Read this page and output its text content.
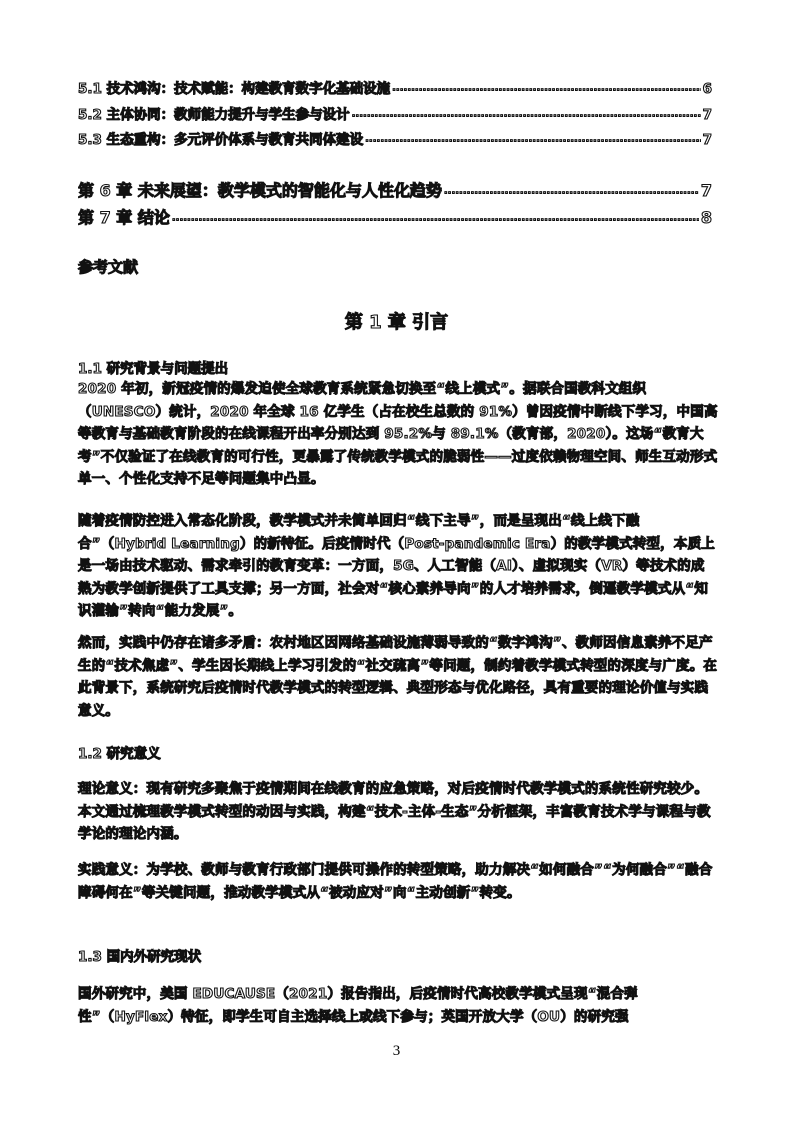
5.1 技术鸿沟：技术赋能：构建教育数字化基础设施 ·····	6
5.2 主体协同：教师能力提升与学生参与设计 ·····	7
5.3 生态重构：多元评价体系与教育共同体建设 ·····	7
第 6 章 未来展望：教学模式的智能化与人性化趋势 ·····	7
第 7 章 结论 ·····	8
参考文献
第 1 章 引言
1.1 研究背景与问题提出
2020 年初，新冠疫情的爆发迫使全球教育系统紧急切换至“线上模式”。据联合国教科文组织（UNESCO）统计，2020 年全球 16 亿学生（占在校生总数的 91%）曾因疫情中断线下学习，中国高等教育与基础教育阶段的在线课程开出率分别达到 95.2%与 89.1%（教育部，2020）。这场“教育大考”不仅验证了在线教育的可行性，更暴露了传统教学模式的脆弱性——过度依赖物理空间、师生互动形式单一、个性化支持不足等问题集中凸显。
随着疫情防控进入常态化阶段，教学模式并未简单回归“线下主导”，而是呈现出“线上线下融合”（Hybrid Learning）的新特征。后疫情时代（Post-pandemic Era）的教学模式转型，本质上是一场由技术驱动、需求牵引的教育变革：一方面，5G、人工智能（AI）、虚拟现实（VR）等技术的成熟为教学创新提供了工具支撑；另一方面，社会对“核心素养导向”的人才培养需求，倒逼教学模式从“知识灌输”转向“能力发展”。
然而，实践中仍存在诸多矛盾：农村地区因网络基础设施薄弱导致的“数字鸿沟”、教师因信息素养不足产生的“技术焦虑”、学生因长期线上学习引发的“社交疏离”等问题，制约着教学模式转型的深度与广度。在此背景下，系统研究后疫情时代教学模式的转型逻辑、典型形态与优化路径，具有重要的理论价值与实践意义。
1.2 研究意义
理论意义：现有研究多聚焦于疫情期间在线教育的应急策略，对后疫情时代教学模式的系统性研究较少。本文通过梳理教学模式转型的动因与实践，构建“技术-主体-生态”分析框架，丰富教育技术学与课程与教学论的理论内涵。
实践意义：为学校、教师与教育行政部门提供可操作的转型策略，助力解决“如何融合”“为何融合”“融合障碍何在”等关键问题，推动教学模式从“被动应对”向“主动创新”转变。
1.3 国内外研究现状
国外研究中，美国 EDUCAUSE（2021）报告指出，后疫情时代高校教学模式呈现“混合弹性”（HyFlex）特征，即学生可自主选择线上或线下参与；英国开放大学（OU）的研究强
3
